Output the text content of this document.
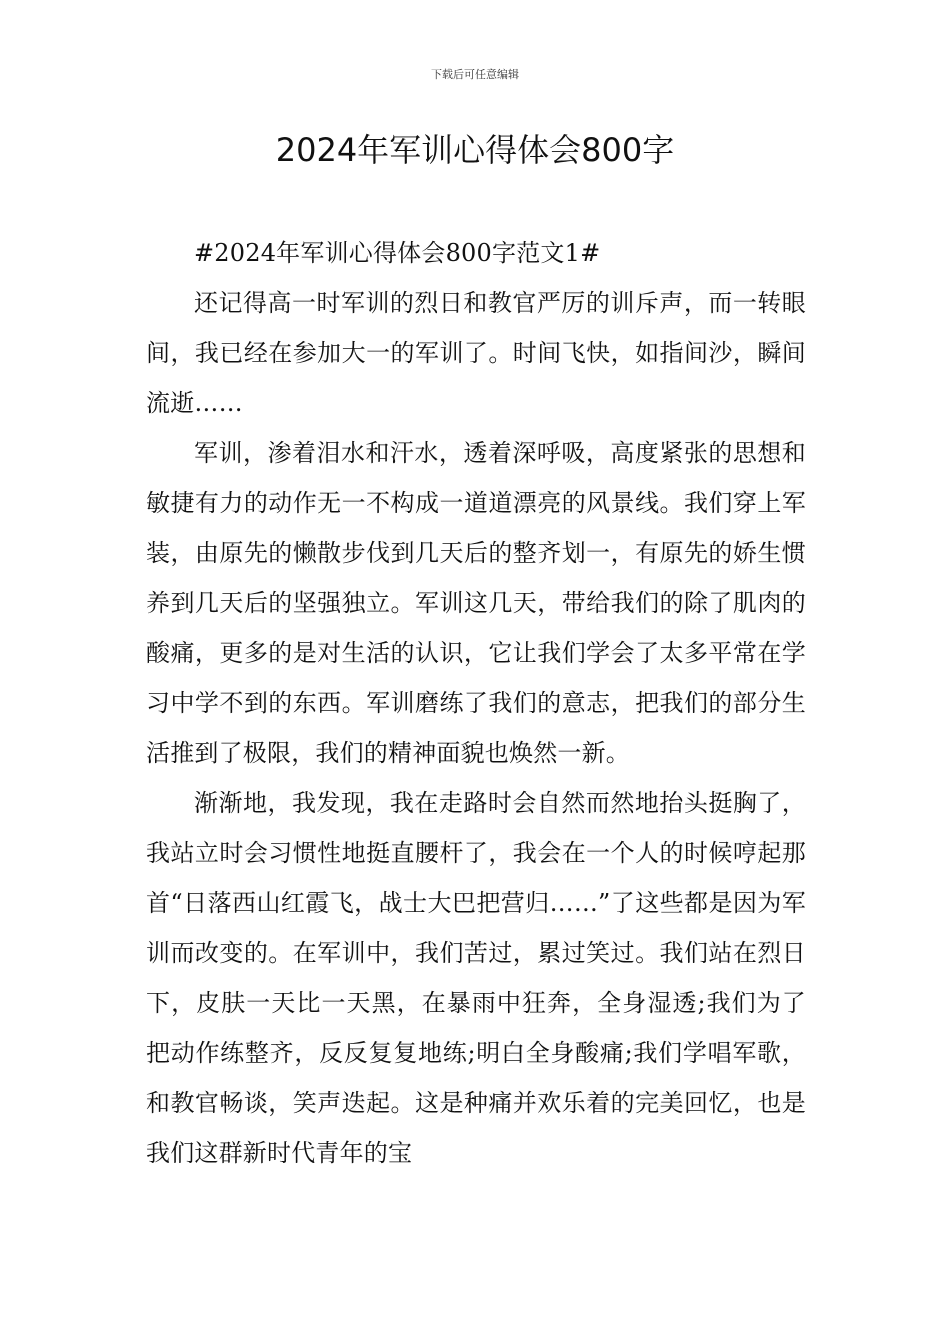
下载后可任意编辑
2024年军训心得体会800字

#2024年军训心得体会800字范文1#

还记得高一时军训的烈日和教官严厉的训斥声，而一转眼间，我已经在参加大一的军训了。时间飞快，如指间沙，瞬间流逝……

军训，渗着泪水和汗水，透着深呼吸，高度紧张的思想和敏捷有力的动作无一不构成一道道漂亮的风景线。我们穿上军装，由原先的懒散步伐到几天后的整齐划一，有原先的娇生惯养到几天后的坚强独立。军训这几天，带给我们的除了肌肉的酸痛，更多的是对生活的认识，它让我们学会了太多平常在学习中学不到的东西。军训磨练了我们的意志，把我们的部分生活推到了极限，我们的精神面貌也焕然一新。

渐渐地，我发现，我在走路时会自然而然地抬头挺胸了，我站立时会习惯性地挺直腰杆了，我会在一个人的时候哼起那首“日落西山红霞飞，战士大巴把营归……”了这些都是因为军训而改变的。在军训中，我们苦过，累过笑过。我们站在烈日下，皮肤一天比一天黑，在暴雨中狂奔，全身湿透;我们为了把动作练整齐，反反复复地练;明白全身酸痛;我们学唱军歌，和教官畅谈，笑声迭起。这是种痛并欢乐着的完美回忆，也是我们这群新时代青年的宝
